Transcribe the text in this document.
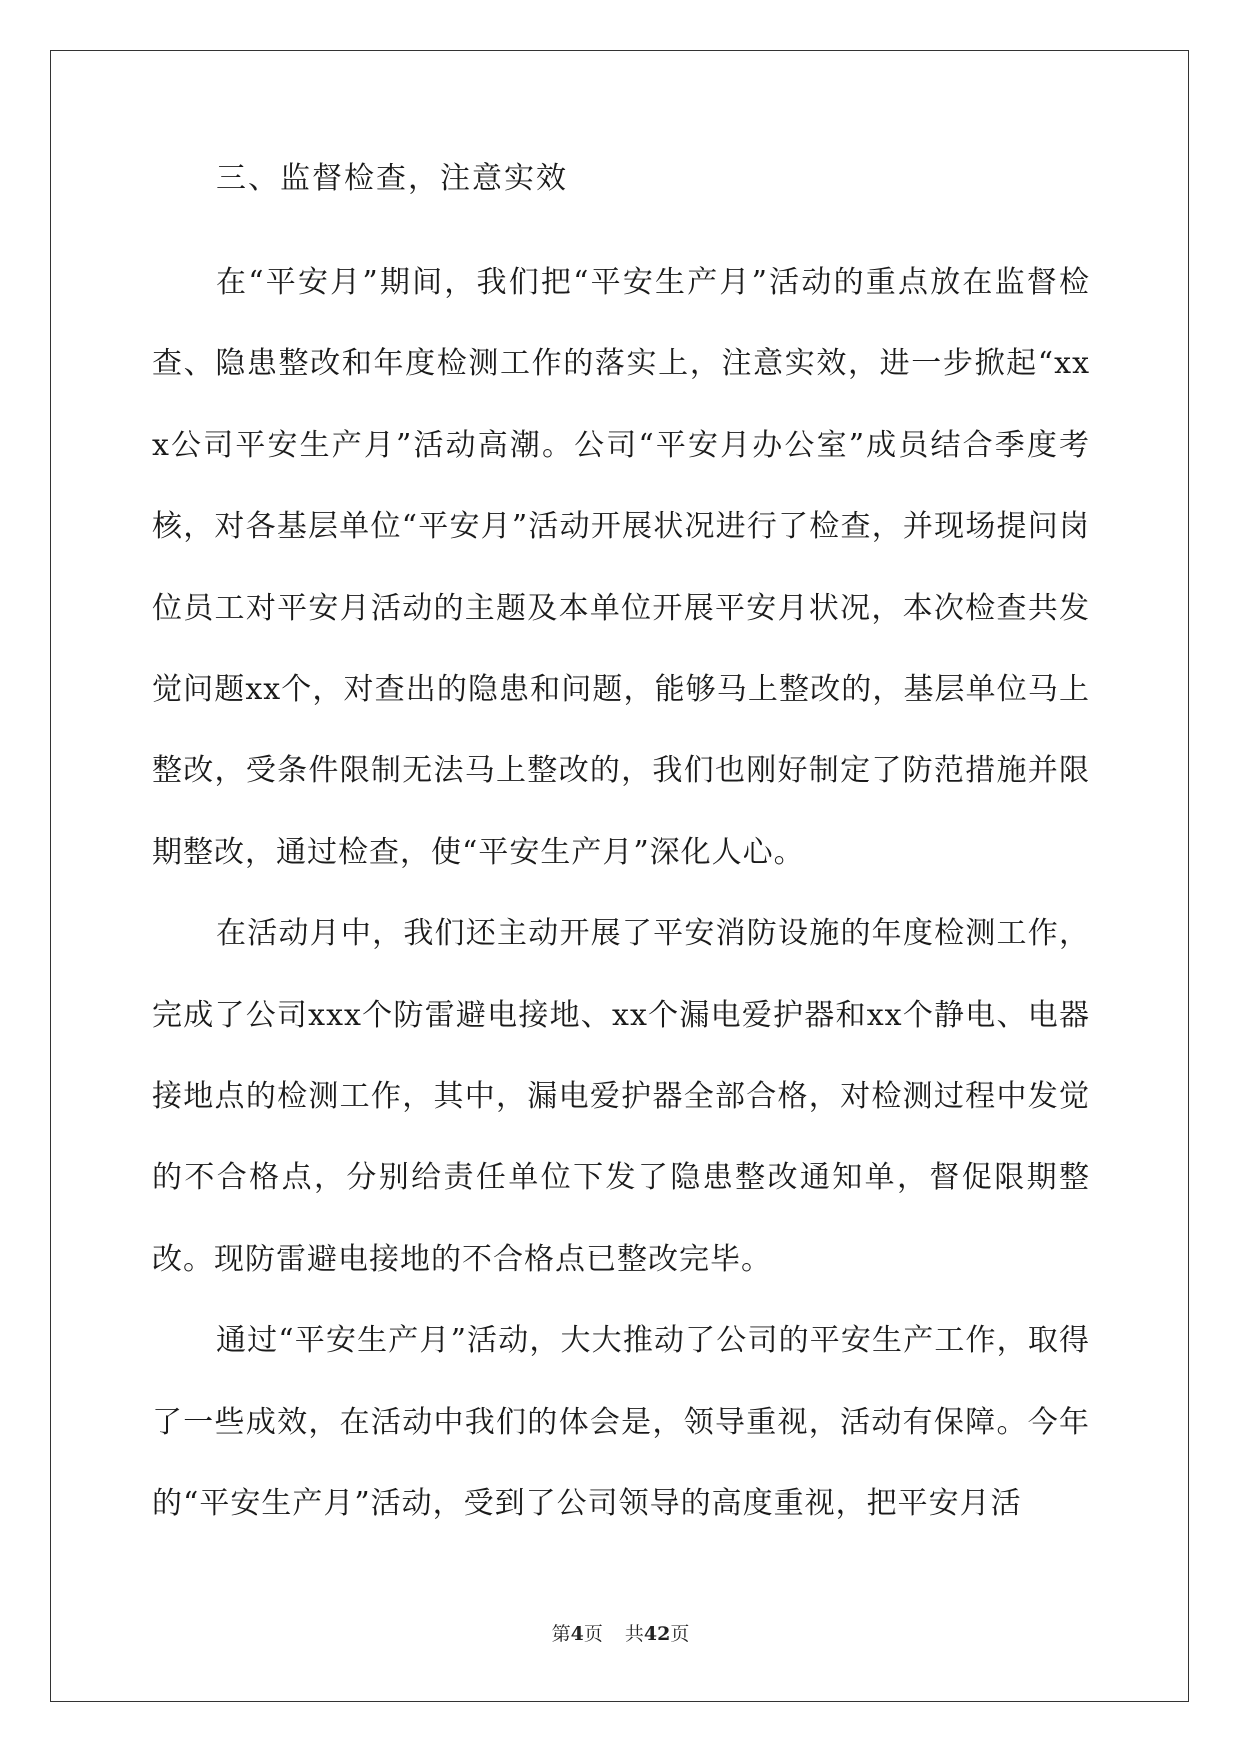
三、监督检查，注意实效

在“平安月”期间，我们把“平安生产月”活动的重点放在监督检查、隐患整改和年度检测工作的落实上，注意实效，进一步掀起“xxx公司平安生产月”活动高潮。公司“平安月办公室”成员结合季度考核，对各基层单位“平安月”活动开展状况进行了检查，并现场提问岗位员工对平安月活动的主题及本单位开展平安月状况，本次检查共发觉问题xx个，对查出的隐患和问题，能够马上整改的，基层单位马上整改，受条件限制无法马上整改的，我们也刚好制定了防范措施并限期整改，通过检查，使“平安生产月”深化人心。

在活动月中，我们还主动开展了平安消防设施的年度检测工作，完成了公司xxx个防雷避电接地、xx个漏电爱护器和xx个静电、电器接地点的检测工作，其中，漏电爱护器全部合格，对检测过程中发觉的不合格点，分别给责任单位下发了隐患整改通知单，督促限期整改。现防雷避电接地的不合格点已整改完毕。

通过“平安生产月”活动，大大推动了公司的平安生产工作，取得了一些成效，在活动中我们的体会是，领导重视，活动有保障。今年的“平安生产月”活动，受到了公司领导的高度重视，把平安月活

第4页 共42页
